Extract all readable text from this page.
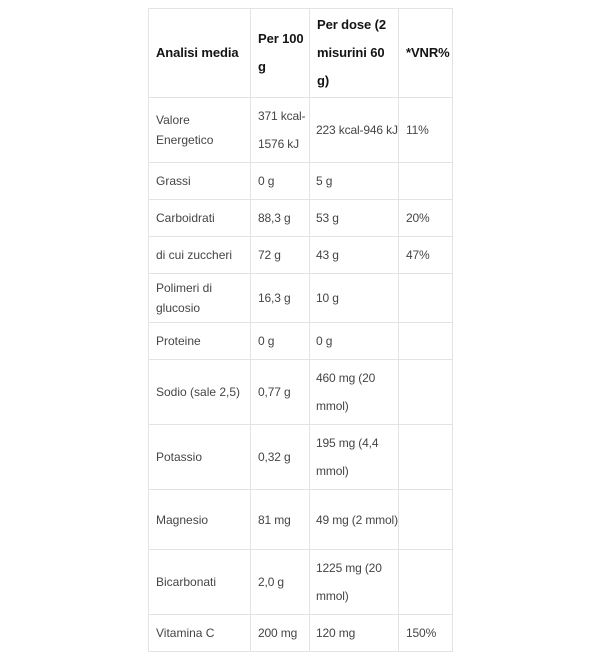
Analisi media	Per 100 g	Per dose (2 misurini 60 g)	*VNR%
Valore Energetico	371 kcal-1576 kJ	223 kcal-946 kJ	11%
Grassi	0 g	5 g	
Carboidrati	88,3 g	53 g	20%
di cui zuccheri	72 g	43 g	47%
Polimeri di glucosio	16,3 g	10 g	
Proteine	0 g	0 g	
Sodio (sale 2,5)	0,77 g	460 mg (20 mmol)	
Potassio	0,32 g	195 mg (4,4 mmol)	
Magnesio	81 mg	49 mg (2 mmol)	
Bicarbonati	2,0 g	1225 mg (20 mmol)	
Vitamina C	200 mg	120 mg	150%
